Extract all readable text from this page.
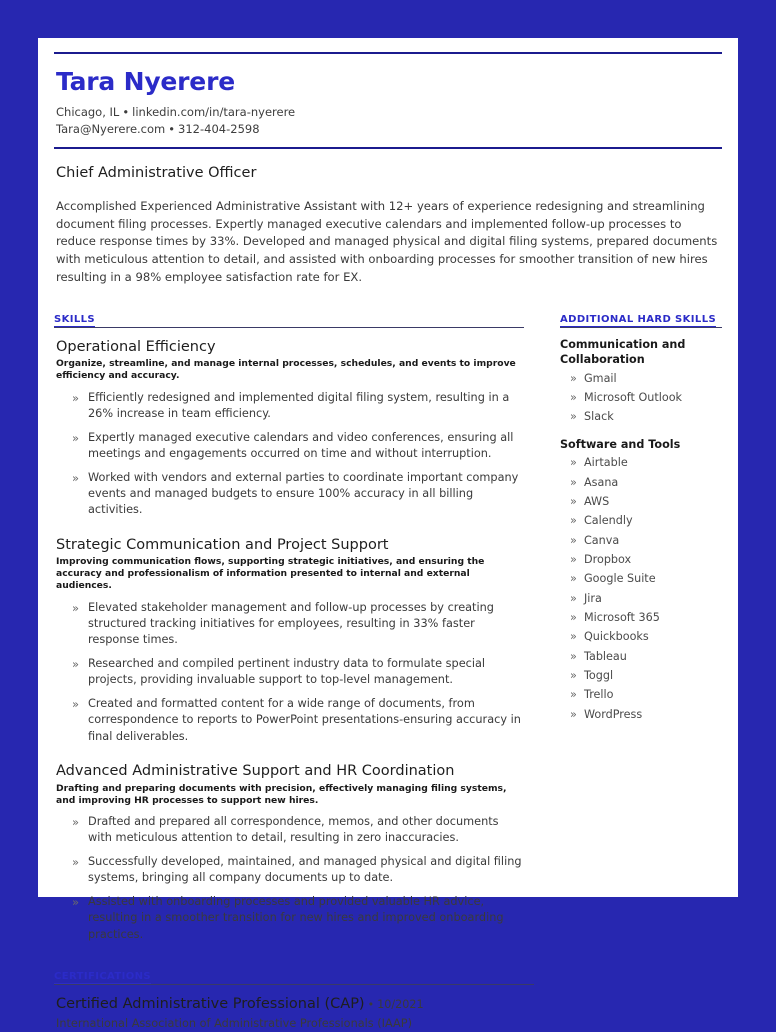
Tara Nyerere
Chicago, IL • linkedin.com/in/tara-nyerere
Tara@Nyerere.com • 312-404-2598
Chief Administrative Officer
Accomplished Experienced Administrative Assistant with 12+ years of experience redesigning and streamlining document filing processes. Expertly managed executive calendars and implemented follow-up processes to reduce response times by 33%. Developed and managed physical and digital filing systems, prepared documents with meticulous attention to detail, and assisted with onboarding processes for smoother transition of new hires resulting in a 98% employee satisfaction rate for EX.
SKILLS
Operational Efficiency
Organize, streamline, and manage internal processes, schedules, and events to improve efficiency and accuracy.
» Efficiently redesigned and implemented digital filing system, resulting in a 26% increase in team efficiency.
» Expertly managed executive calendars and video conferences, ensuring all meetings and engagements occurred on time and without interruption.
» Worked with vendors and external parties to coordinate important company events and managed budgets to ensure 100% accuracy in all billing activities.
Strategic Communication and Project Support
Improving communication flows, supporting strategic initiatives, and ensuring the accuracy and professionalism of information presented to internal and external audiences.
» Elevated stakeholder management and follow-up processes by creating structured tracking initiatives for employees, resulting in 33% faster response times.
» Researched and compiled pertinent industry data to formulate special projects, providing invaluable support to top-level management.
» Created and formatted content for a wide range of documents, from correspondence to reports to PowerPoint presentations-ensuring accuracy in final deliverables.
Advanced Administrative Support and HR Coordination
Drafting and preparing documents with precision, effectively managing filing systems, and improving HR processes to support new hires.
» Drafted and prepared all correspondence, memos, and other documents with meticulous attention to detail, resulting in zero inaccuracies.
» Successfully developed, maintained, and managed physical and digital filing systems, bringing all company documents up to date.
» Assisted with onboarding processes and provided valuable HR advice, resulting in a smoother transition for new hires and improved onboarding practices.
ADDITIONAL HARD SKILLS
Communication and Collaboration
» Gmail
» Microsoft Outlook
» Slack
Software and Tools
» Airtable
» Asana
» AWS
» Calendly
» Canva
» Dropbox
» Google Suite
» Jira
» Microsoft 365
» Quickbooks
» Tableau
» Toggl
» Trello
» WordPress
CERTIFICATIONS
Certified Administrative Professional (CAP) • 10/2021
International Association of Administrative Professionals (IAAP)
